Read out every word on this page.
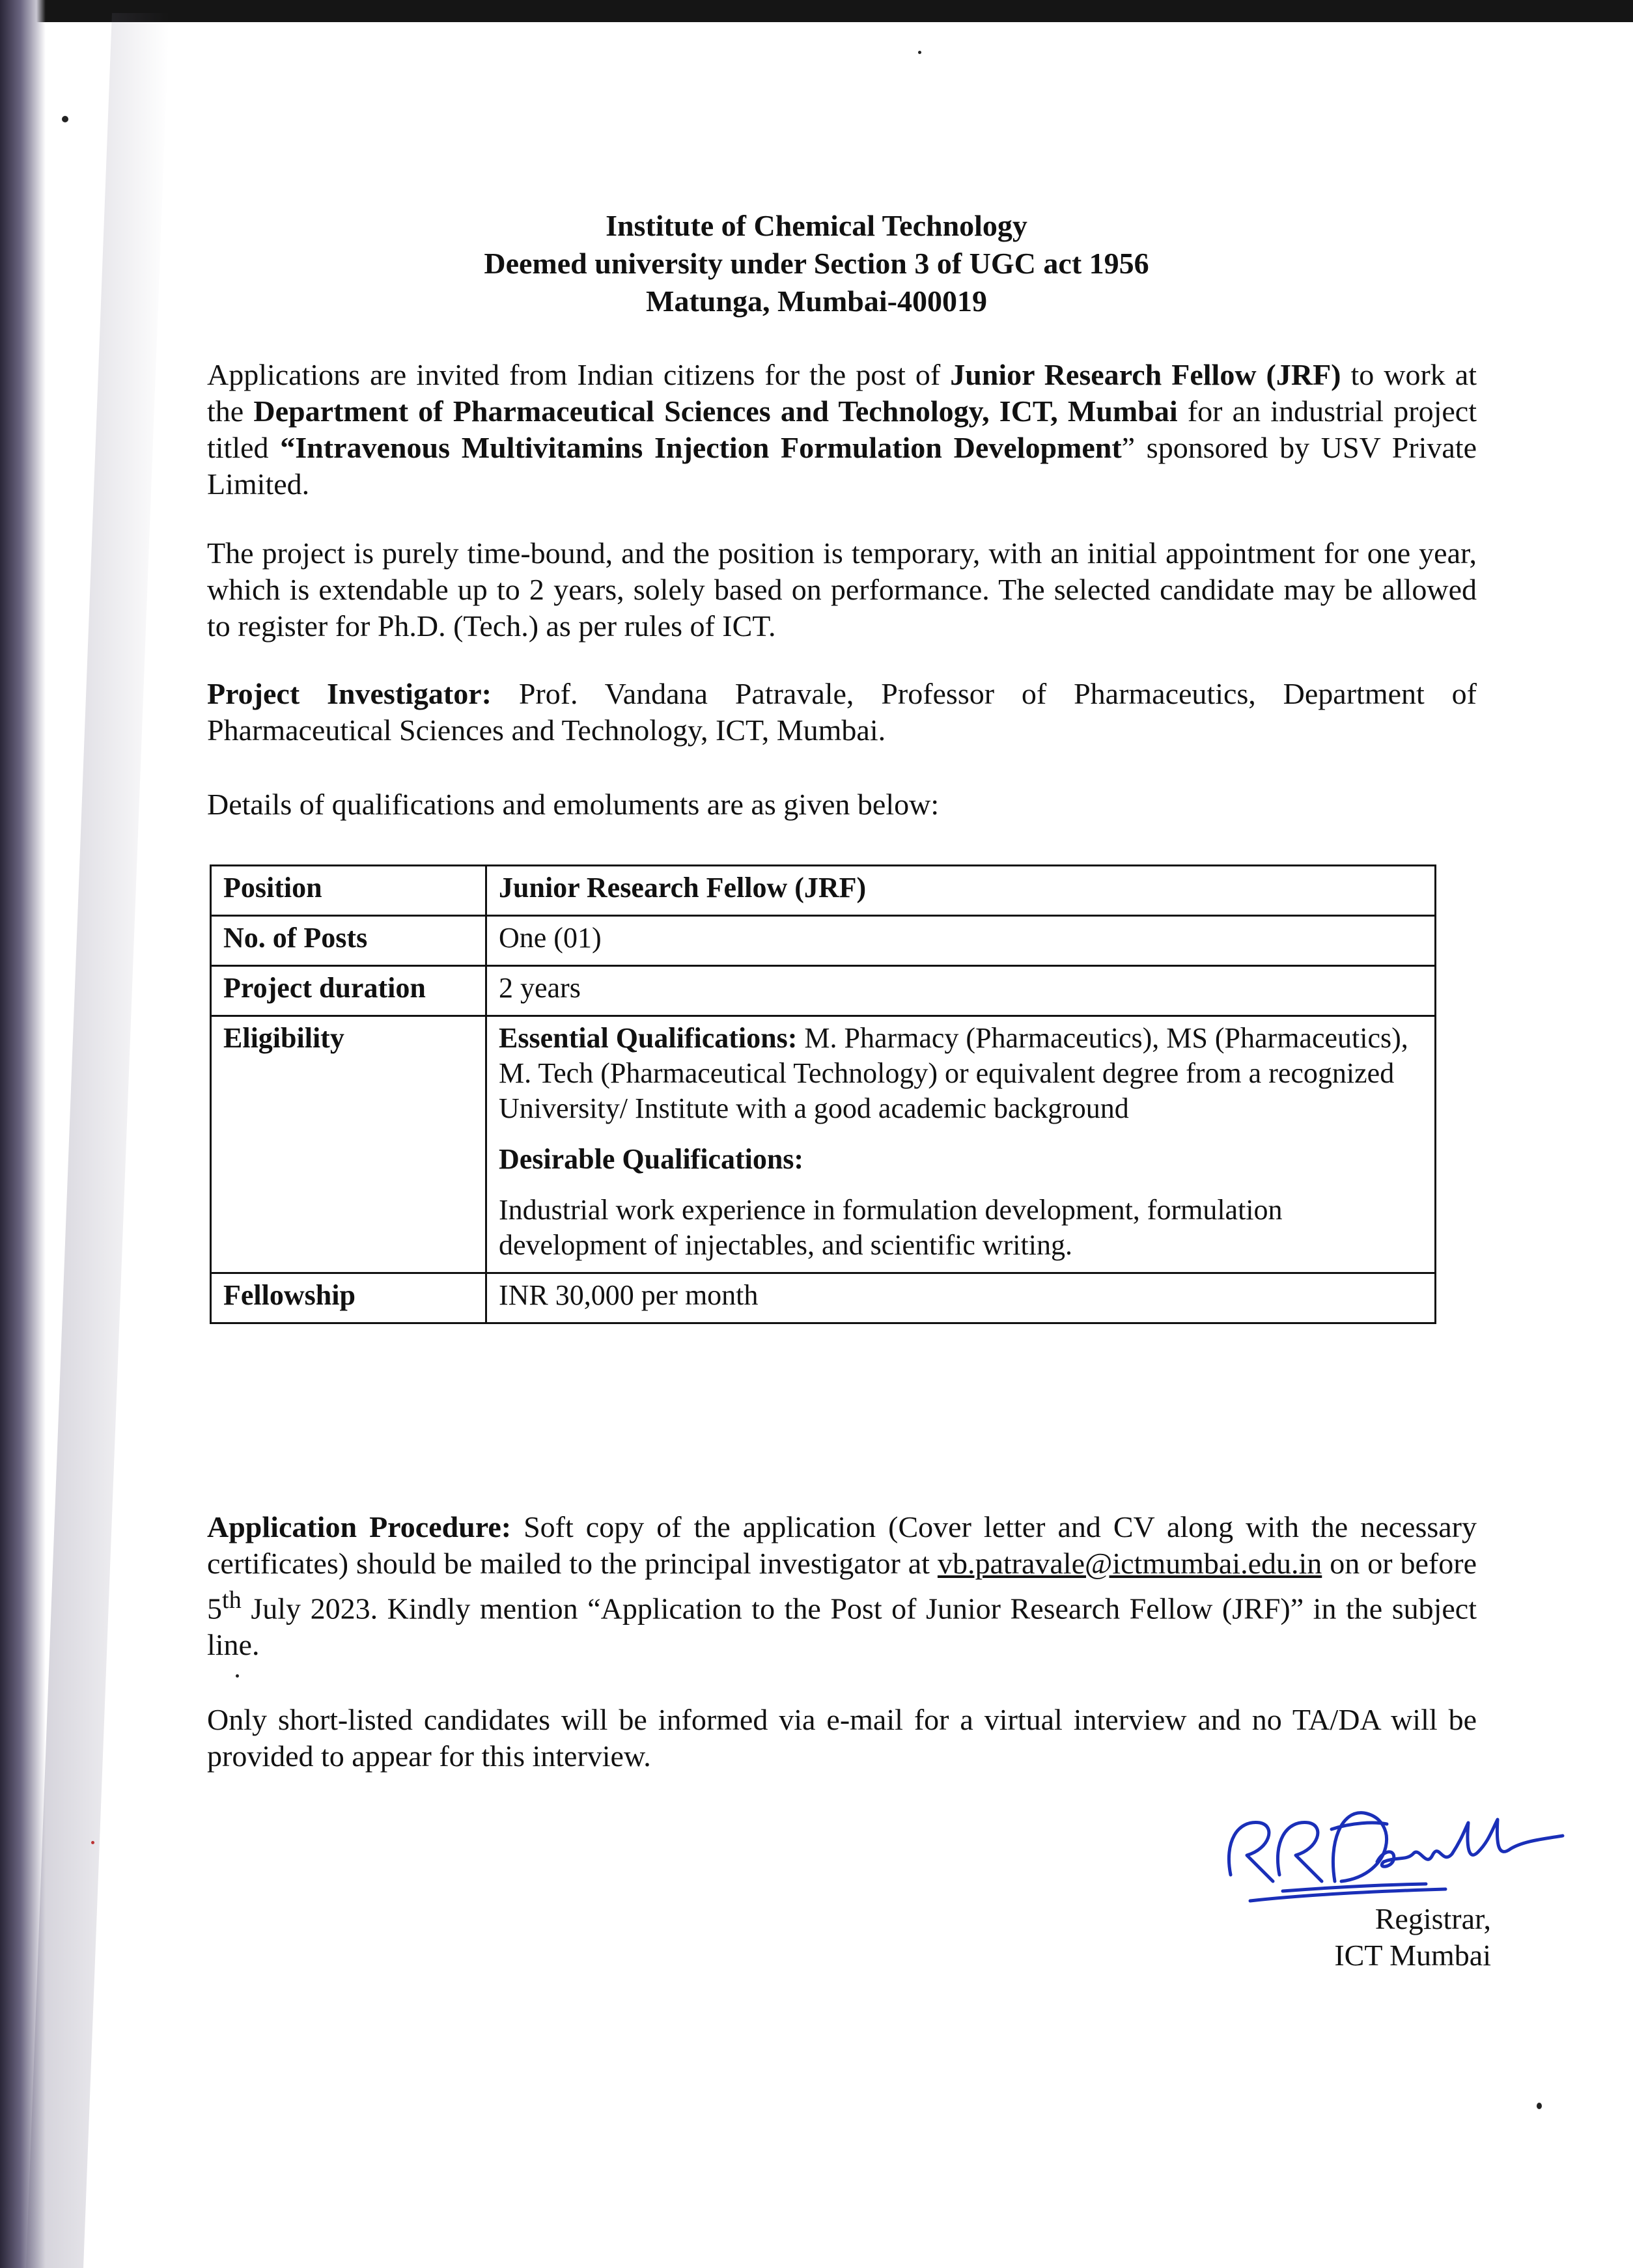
Institute of Chemical Technology
Deemed university under Section 3 of UGC act 1956
Matunga, Mumbai-400019

Applications are invited from Indian citizens for the post of Junior Research Fellow (JRF) to work at the Department of Pharmaceutical Sciences and Technology, ICT, Mumbai for an industrial project titled “Intravenous Multivitamins Injection Formulation Development” sponsored by USV Private Limited.

The project is purely time-bound, and the position is temporary, with an initial appointment for one year, which is extendable up to 2 years, solely based on performance. The selected candidate may be allowed to register for Ph.D. (Tech.) as per rules of ICT.

Project Investigator: Prof. Vandana Patravale, Professor of Pharmaceutics, Department of Pharmaceutical Sciences and Technology, ICT, Mumbai.

Details of qualifications and emoluments are as given below:

Position	Junior Research Fellow (JRF)
No. of Posts	One (01)
Project duration	2 years
Eligibility	Essential Qualifications: M. Pharmacy (Pharmaceutics), MS (Pharmaceutics), M. Tech (Pharmaceutical Technology) or equivalent degree from a recognized University/ Institute with a good academic background

Desirable Qualifications:

Industrial work experience in formulation development, formulation development of injectables, and scientific writing.

Fellowship	INR 30,000 per month

Application Procedure: Soft copy of the application (Cover letter and CV along with the necessary certificates) should be mailed to the principal investigator at vb.patravale@ictmumbai.edu.in on or before 5th July 2023. Kindly mention “Application to the Post of Junior Research Fellow (JRF)” in the subject line.

Only short-listed candidates will be informed via e-mail for a virtual interview and no TA/DA will be provided to appear for this interview.

Registrar,
ICT Mumbai
